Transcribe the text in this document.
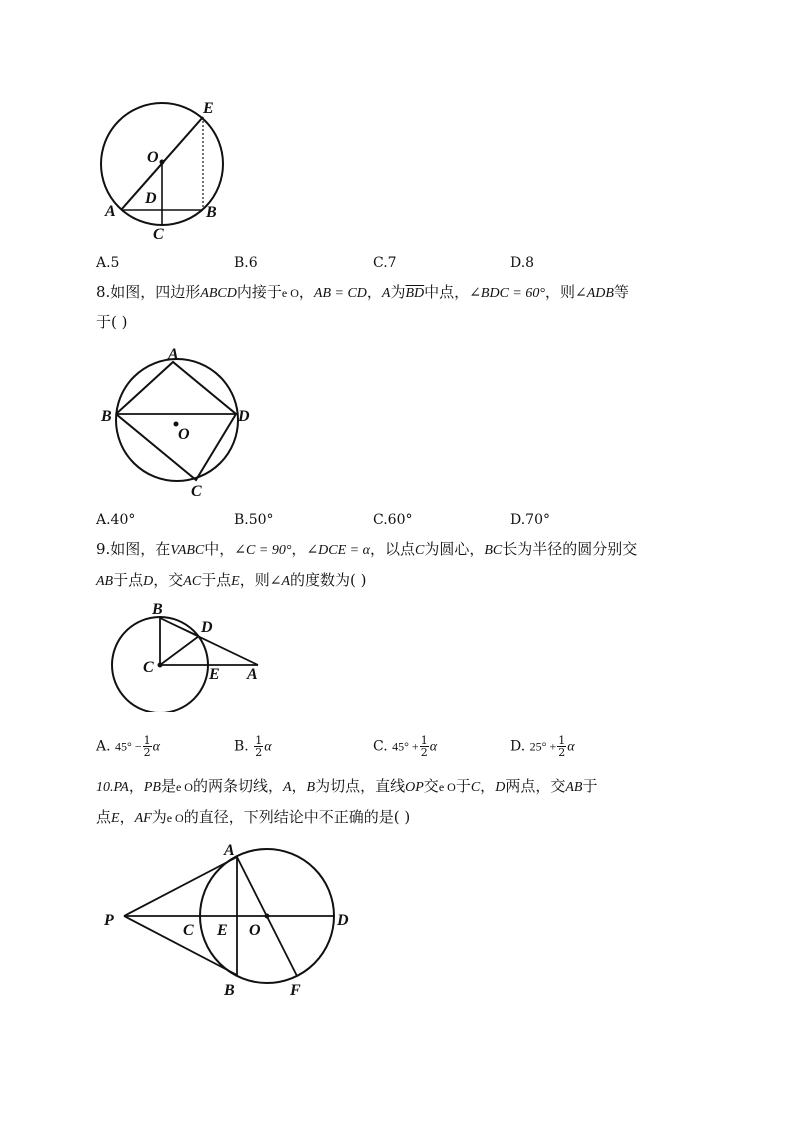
E
O
D
A	B
C
A.5	B.6	C.7	D.8
8.如图，四边形ABCD内接于e O，AB = CD，A为$\overline{BD}$中点，∠BDC = 60°，则∠ADB等
于( )
A
B
O
D
C
A.40°	B.50°	C.60°	D.70°
9.如图，在VABC中，∠C = 90°，∠DCE = α，以点C为圆心，BC长为半径的圆分别交
AB于点D，交AC于点E，则∠A的度数为( )
B
D
C	E A
A. $45^\circ - \frac{1}{2}$ α	B. $\frac{1}{2}$ α	C. $45^\circ + \frac{1}{2}$ α	D. $25^\circ + \frac{1}{2}$ α
10.PA，PB是e O的两条切线，A，B为切点，直线OP交e O于C，D两点，交AB于
点E，AF为e O的直径，下列结论中不正确的是( )
A
P
C E O
D
B	F
